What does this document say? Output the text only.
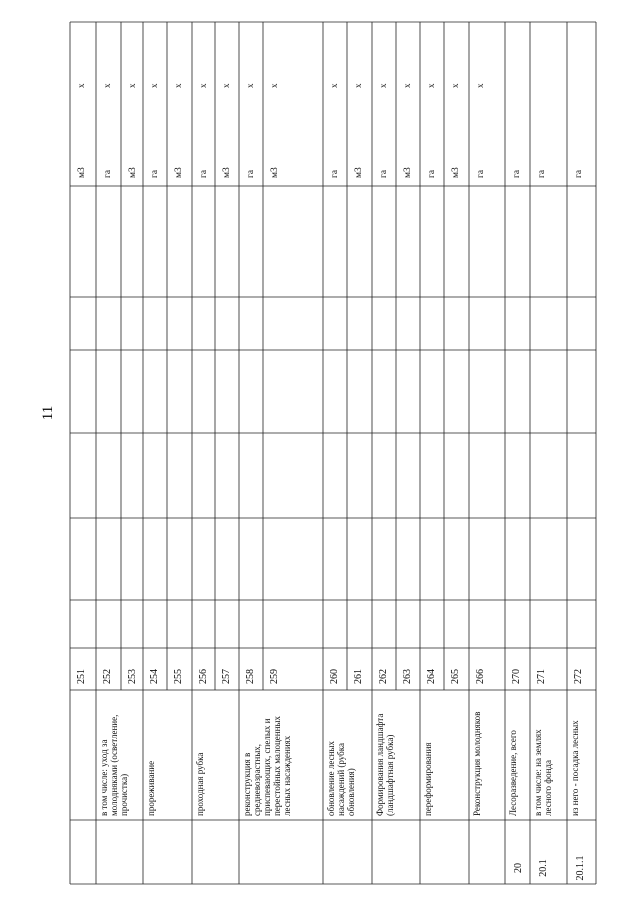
11
251
м3
x
252
га
x
в том числе: уход за молодняками (осветление, прочистка)
253
м3
x
254
га
x
прореживание
255
м3
x
256
га
x
проходная рубка
257
м3
x
258
га
x
реконструкция в средневозрастных, приспевающих, спелых и перестойных малоценных лесных насаждениях
259
м3
x
260
га
x
обновление лесных насаждений (рубка обновления)
261
м3
x
262
га
x
Формирования ландшафта (ландшафтная рубка)
263
м3
x
264
га
x
переформирования
265
м3
x
266
га
x
Реконструкция молодняков
270
га
20
Лесоразведение, всего
271
га
20.1
в том числе: на землях лесного фонда
272
га
20.1.1
из него - посадка лесных
